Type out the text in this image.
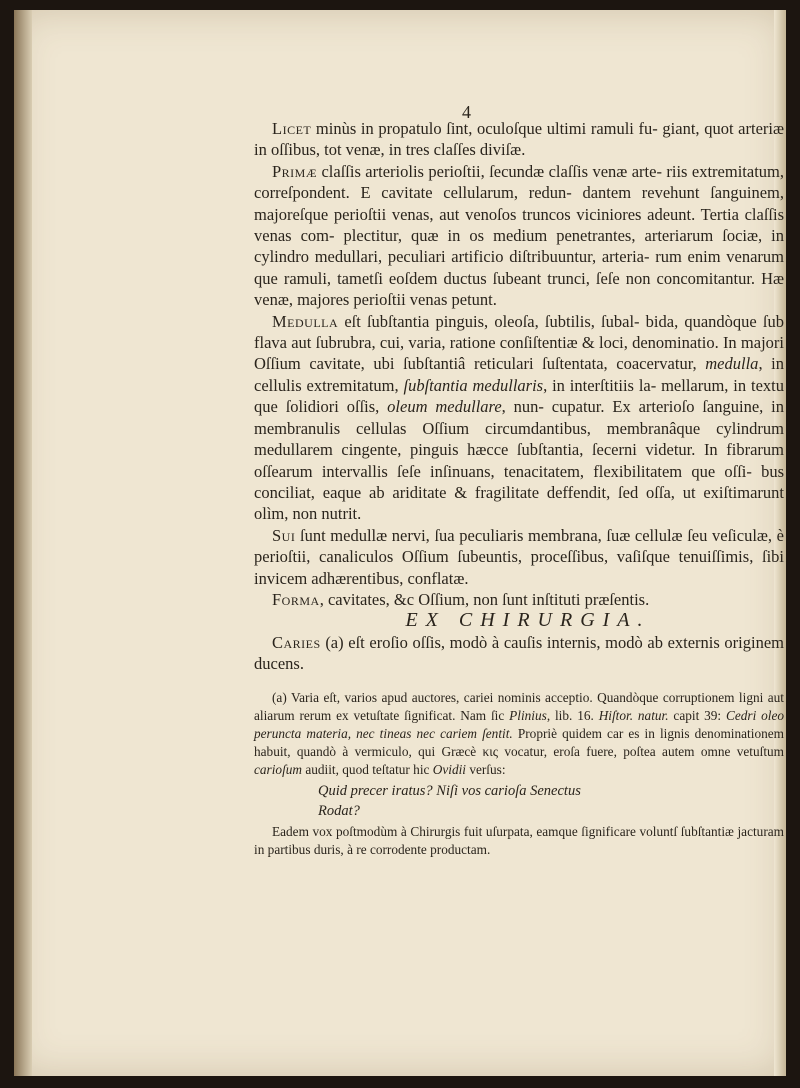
4

Licet minùs in propatulo ſint, oculoſque ultimi ramuli fu- giant, quot arteriæ in oſſibus, tot venæ, in tres claſſes diviſæ.

Primæ claſſis arteriolis perioſtii, ſecundæ claſſis venæ arte- riis extremitatum, correſpondent. E cavitate cellularum, redun- dantem revehunt ſanguinem, majoreſque perioſtii venas, aut venoſos truncos viciniores adeunt. Tertia claſſis venas com- plectitur, quæ in os medium penetrantes, arteriarum ſociæ, in cylindro medullari, peculiari artificio diſtribuuntur, arteria- rum enim venarum que ramuli, tametſi eoſdem ductus ſubeant trunci, ſeſe non concomitantur. Hæ venæ, majores perioſtii venas petunt.

Medulla eſt ſubſtantia pinguis, oleoſa, ſubtilis, ſubal- bida, quandòque ſub flava aut ſubrubra, cui, varia, ratione conſiſtentiæ & loci, denominatio. In majori Oſſium cavitate, ubi ſubſtantiâ reticulari ſuſtentata, coacervatur, medulla, in cellulis extremitatum, ſubſtantia medullaris, in interſtitiis la- mellarum, in textu que ſolidiori oſſis, oleum medullare, nun- cupatur. Ex arterioſo ſanguine, in membranulis cellulas Oſſium circumdantibus, membranâque cylindrum medullarem cingente, pinguis hæcce ſubſtantia, ſecerni videtur. In fibrarum oſſearum intervallis ſeſe inſinuans, tenacitatem, flexibilitatem que oſſi- bus conciliat, eaque ab ariditate & fragilitate deffendit, ſed oſſa, ut exiſtimarunt olìm, non nutrit.

Sui ſunt medullæ nervi, ſua peculiaris membrana, ſuæ cellulæ ſeu veſiculæ, è perioſtii, canaliculos Oſſium ſubeuntis, proceſſibus, vaſiſque tenuiſſimis, ſibi invicem adhærentibus, conflatæ.

Forma, cavitates, &c Oſſium, non ſunt inſtituti præſentis.

EX CHIRURGIA.

Caries (a) eſt eroſio oſſis, modò à cauſis internis, modò ab externis originem ducens.

(a) Varia eſt, varios apud auctores, cariei nominis acceptio. Quandòque corruptionem ligni aut aliarum rerum ex vetuſtate ſignificat. Nam ſic Plinius, lib. 16. Hiſtor. natur. capit 39: Cedri oleo peruncta materia, nec tineas nec cariem ſentit. Propriè quidem car es in lignis denominationem habuit, quandò à vermiculo, qui Græcè κις vocatur, eroſa fuere, poſtea autem omne vetuſtum carioſum audiit, quod teſtatur hic Ovidii verſus:

Quid precer iratus? Niſi vos carioſa Senectus
Rodat?

Eadem vox poſtmodùm à Chirurgis fuit uſurpata, eamque ſignificare voluntſ ſubſtantiæ jacturam in partibus duris, à re corrodente productam.
